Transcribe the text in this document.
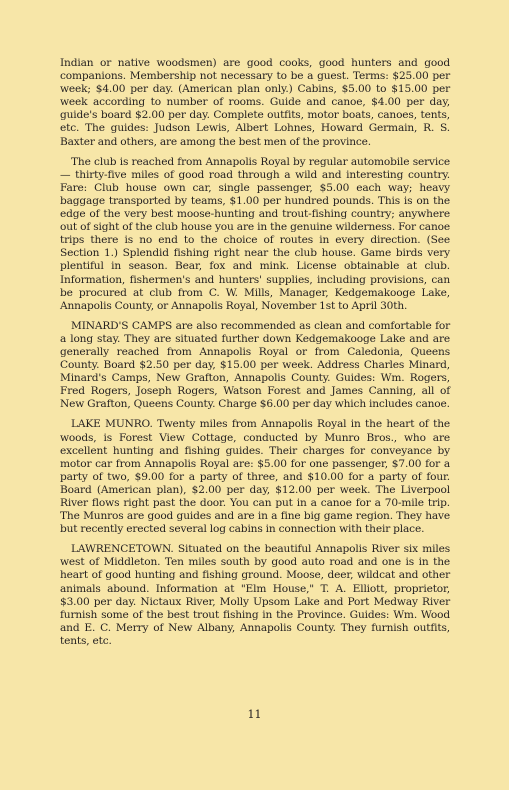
Indian or native woodsmen) are good cooks, good hunters and good companions. Membership not necessary to be a guest. Terms: $25.00 per week; $4.00 per day. (American plan only.) Cabins, $5.00 to $15.00 per week according to number of rooms. Guide and canoe, $4.00 per day, guide's board $2.00 per day. Complete outfits, motor boats, canoes, tents, etc. The guides: Judson Lewis, Albert Lohnes, Howard Germain, R. S. Baxter and others, are among the best men of the province.

The club is reached from Annapolis Royal by regular automobile service — thirty-five miles of good road through a wild and interesting country. Fare: Club house own car, single passenger, $5.00 each way; heavy baggage transported by teams, $1.00 per hundred pounds. This is on the edge of the very best moose-hunting and trout-fishing country; anywhere out of sight of the club house you are in the genuine wilderness. For canoe trips there is no end to the choice of routes in every direction. (See Section 1.) Splendid fishing right near the club house. Game birds very plentiful in season. Bear, fox and mink. License obtainable at club. Information, fishermen's and hunters' supplies, including provisions, can be procured at club from C. W. Mills, Manager, Kedgemakooge Lake, Annapolis County, or Annapolis Royal, November 1st to April 30th.

MINARD'S CAMPS are also recommended as clean and comfortable for a long stay. They are situated further down Kedgemakooge Lake and are generally reached from Annapolis Royal or from Caledonia, Queens County. Board $2.50 per day, $15.00 per week. Address Charles Minard, Minard's Camps, New Grafton, Annapolis County. Guides: Wm. Rogers, Fred Rogers, Joseph Rogers, Watson Forest and James Canning, all of New Grafton, Queens County. Charge $6.00 per day which includes canoe.

LAKE MUNRO. Twenty miles from Annapolis Royal in the heart of the woods, is Forest View Cottage, conducted by Munro Bros., who are excellent hunting and fishing guides. Their charges for conveyance by motor car from Annapolis Royal are: $5.00 for one passenger, $7.00 for a party of two, $9.00 for a party of three, and $10.00 for a party of four. Board (American plan), $2.00 per day, $12.00 per week. The Liverpool River flows right past the door. You can put in a canoe for a 70-mile trip. The Munros are good guides and are in a fine big game region. They have but recently erected several log cabins in connection with their place.

LAWRENCETOWN. Situated on the beautiful Annapolis River six miles west of Middleton. Ten miles south by good auto road and one is in the heart of good hunting and fishing ground. Moose, deer, wildcat and other animals abound. Information at "Elm House," T. A. Elliott, proprietor, $3.00 per day. Nictaux River, Molly Upsom Lake and Port Medway River furnish some of the best trout fishing in the Province. Guides: Wm. Wood and E. C. Merry of New Albany, Annapolis County. They furnish outfits, tents, etc.

11
